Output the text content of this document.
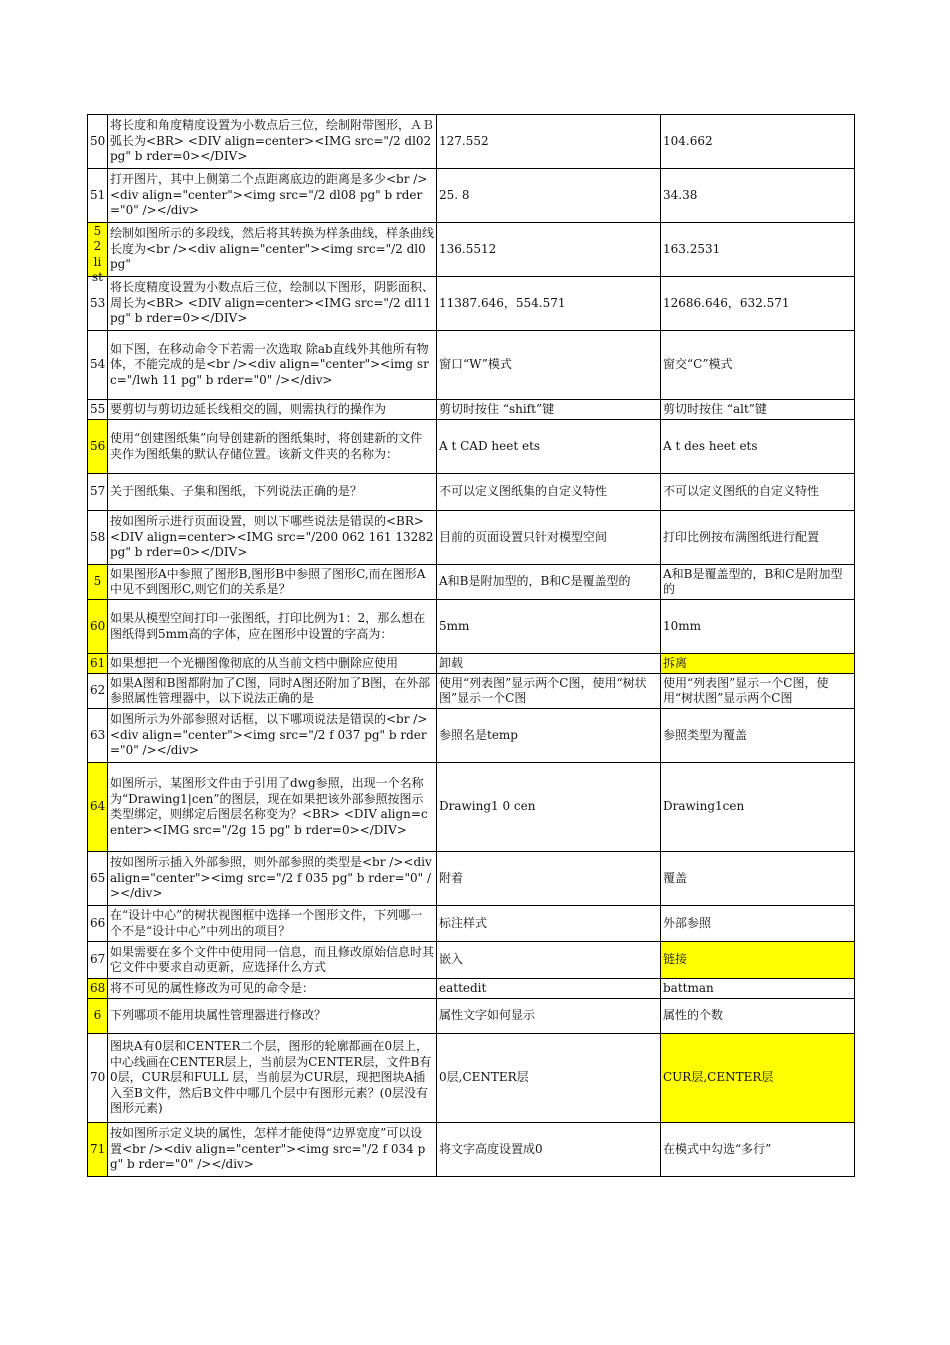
50	将长度和角度精度设置为小数点后三位，绘制附带图形，ＡＢ弧长为<BR> <DIV align=center><IMG src="/2 dl02 pg" b rder=0></DIV>	127.552	104.662
51	打开图片，其中上侧第二个点距离底边的距离是多少<br /><div align="center"><img src="/2 dl08 pg" b rder="0" /></div>	25. 8	34.38

52 li st	绘制如图所示的多段线，然后将其转换为样条曲线，样条曲线长度为<br /><div align="center"><img src="/2 dl0 pg"	136.5512	163.2531
53	将长度精度设置为小数点后三位，绘制以下图形，阴影面积、周长为<BR> <DIV align=center><IMG src="/2 dl11 pg" b rder=0></DIV>	11387.646，554.571	12686.646，632.571
54	如下图，在移动命令下若需一次选取 除ab直线外其他所有物体，不能完成的是<br /><div align="center"><img src="/lwh 11 pg" b rder="0" /></div>	窗口“W”模式	窗交“C”模式
55	要剪切与剪切边延长线相交的圆，则需执行的操作为	剪切时按住 “shift”键	剪切时按住 “alt”键
56	使用“创建图纸集”向导创建新的图纸集时，将创建新的文件夹作为图纸集的默认存储位置。该新文件夹的名称为：	A t CAD heet ets	A t des heet ets
57	关于图纸集、子集和图纸，下列说法正确的是？	不可以定义图纸集的自定义特性	不可以定义图纸的自定义特性

58	按如图所示进行页面设置，则以下哪些说法是错误的<BR> <DIV align=center><IMG src="/200 062 161 13282 pg" b rder=0></DIV>	目前的页面设置只针对模型空间	打印比例按布满图纸进行配置

5	如果图形A中参照了图形B,图形B中参照了图形C,而在图形A中见不到图形C,则它们的关系是？	A和B是附加型的，B和C是覆盖型的	A和B是覆盖型的，B和C是附加型的

60	如果从模型空间打印一张图纸，打印比例为1：2，那么想在图纸得到5mm高的字体，应在图形中设置的字高为：	5mm	10mm
61	如果想把一个光栅图像彻底的从当前文档中删除应使用	卸载	拆离
62	如果A图和B图都附加了C图，同时A图还附加了B图，在外部参照属性管理器中，以下说法正确的是	使用“列表图”显示两个C图，使用“树状图”显示一个C图	使用“列表图”显示一个C图，使用“树状图”显示两个C图

63	如图所示为外部参照对话框，以下哪项说法是错误的<br /><div align="center"><img src="/2 f 037 pg" b rder="0" /></div>	参照名是temp	参照类型为覆盖
64	如图所示，某图形文件由于引用了dwg参照，出现一个名称为“Drawing1|cen”的图层，现在如果把该外部参照按图示类型绑定，则绑定后图层名称变为？<BR> <DIV align=center><IMG src="/2g 15 pg" b rder=0></DIV>	Drawing1 0 cen	Drawing1cen
65	按如图所示插入外部参照，则外部参照的类型是<br /><div align="center"><img src="/2 f 035 pg" b rder="0" /></div>	附着	覆盖
66	在“设计中心”的树状视图框中选择一个图形文件，下列哪一个不是“设计中心”中列出的项目？	标注样式	外部参照
67	如果需要在多个文件中使用同一信息，而且修改原始信息时其它文件中要求自动更新，应选择什么方式	嵌入	链接
68	将不可见的属性修改为可见的命令是：	eattedit	battman
6	下列哪项不能用块属性管理器进行修改？	属性文字如何显示	属性的个数
70	图块A有0层和CENTER二个层，图形的轮廓都画在0层上，中心线画在CENTER层上，当前层为CENTER层，文件B有0层，CUR层和FULL 层，当前层为CUR层，现把图块A插入至B文件，然后B文件中哪几个层中有图形元素？(0层没有图形元素)	0层,CENTER层	CUR层,CENTER层
71	按如图所示定义块的属性，怎样才能使得“边界宽度”可以设置<br /><div align="center"><img src="/2 f 034 pg" b rder="0" /></div>	将文字高度设置成0	在模式中勾选“多行”
